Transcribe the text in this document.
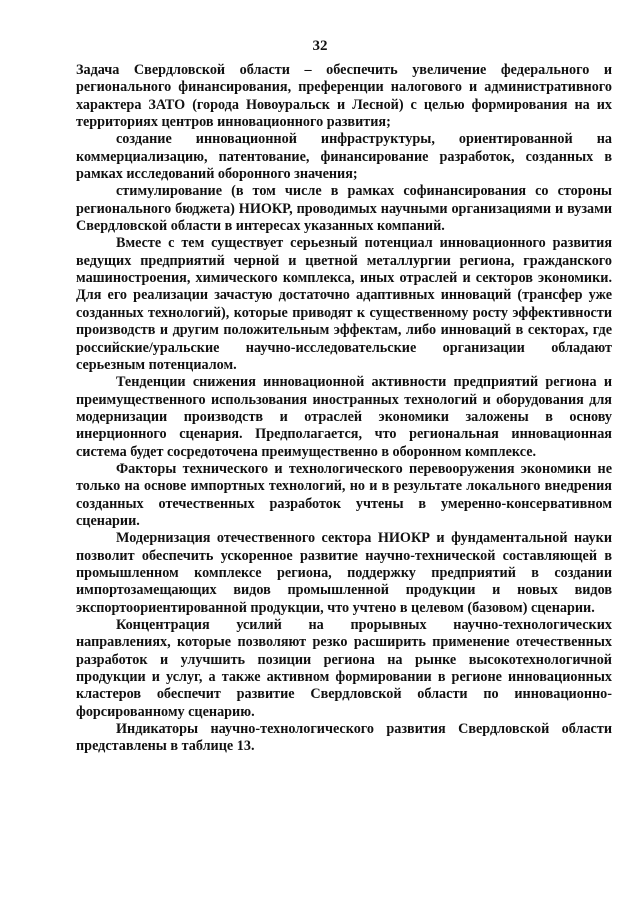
32

Задача Свердловской области – обеспечить увеличение федерального и регионального финансирования, преференции налогового и административного характера ЗАТО (города Новоуральск и Лесной) с целью формирования на их территориях центров инновационного развития;

создание инновационной инфраструктуры, ориентированной на коммерциализацию, патентование, финансирование разработок, созданных в рамках исследований оборонного значения;

стимулирование (в том числе в рамках софинансирования со стороны регионального бюджета) НИОКР, проводимых научными организациями и вузами Свердловской области в интересах указанных компаний.

Вместе с тем существует серьезный потенциал инновационного развития ведущих предприятий черной и цветной металлургии региона, гражданского машиностроения, химического комплекса, иных отраслей и секторов экономики. Для его реализации зачастую достаточно адаптивных инноваций (трансфер уже созданных технологий), которые приводят к существенному росту эффективности производств и другим положительным эффектам, либо инноваций в секторах, где российские/уральские научно-исследовательские организации обладают серьезным потенциалом.

Тенденции снижения инновационной активности предприятий региона и преимущественного использования иностранных технологий и оборудования для модернизации производств и отраслей экономики заложены в основу инерционного сценария. Предполагается, что региональная инновационная система будет сосредоточена преимущественно в оборонном комплексе.

Факторы технического и технологического перевооружения экономики не только на основе импортных технологий, но и в результате локального внедрения созданных отечественных разработок учтены в умеренно-консервативном сценарии.

Модернизация отечественного сектора НИОКР и фундаментальной науки позволит обеспечить ускоренное развитие научно-технической составляющей в промышленном комплексе региона, поддержку предприятий в создании импортозамещающих видов промышленной продукции и новых видов экспортоориентированной продукции, что учтено в целевом (базовом) сценарии.

Концентрация усилий на прорывных научно-технологических направлениях, которые позволяют резко расширить применение отечественных разработок и улучшить позиции региона на рынке высокотехнологичной продукции и услуг, а также активном формировании в регионе инновационных кластеров обеспечит развитие Свердловской области по инновационно-форсированному сценарию.

Индикаторы научно-технологического развития Свердловской области представлены в таблице 13.
